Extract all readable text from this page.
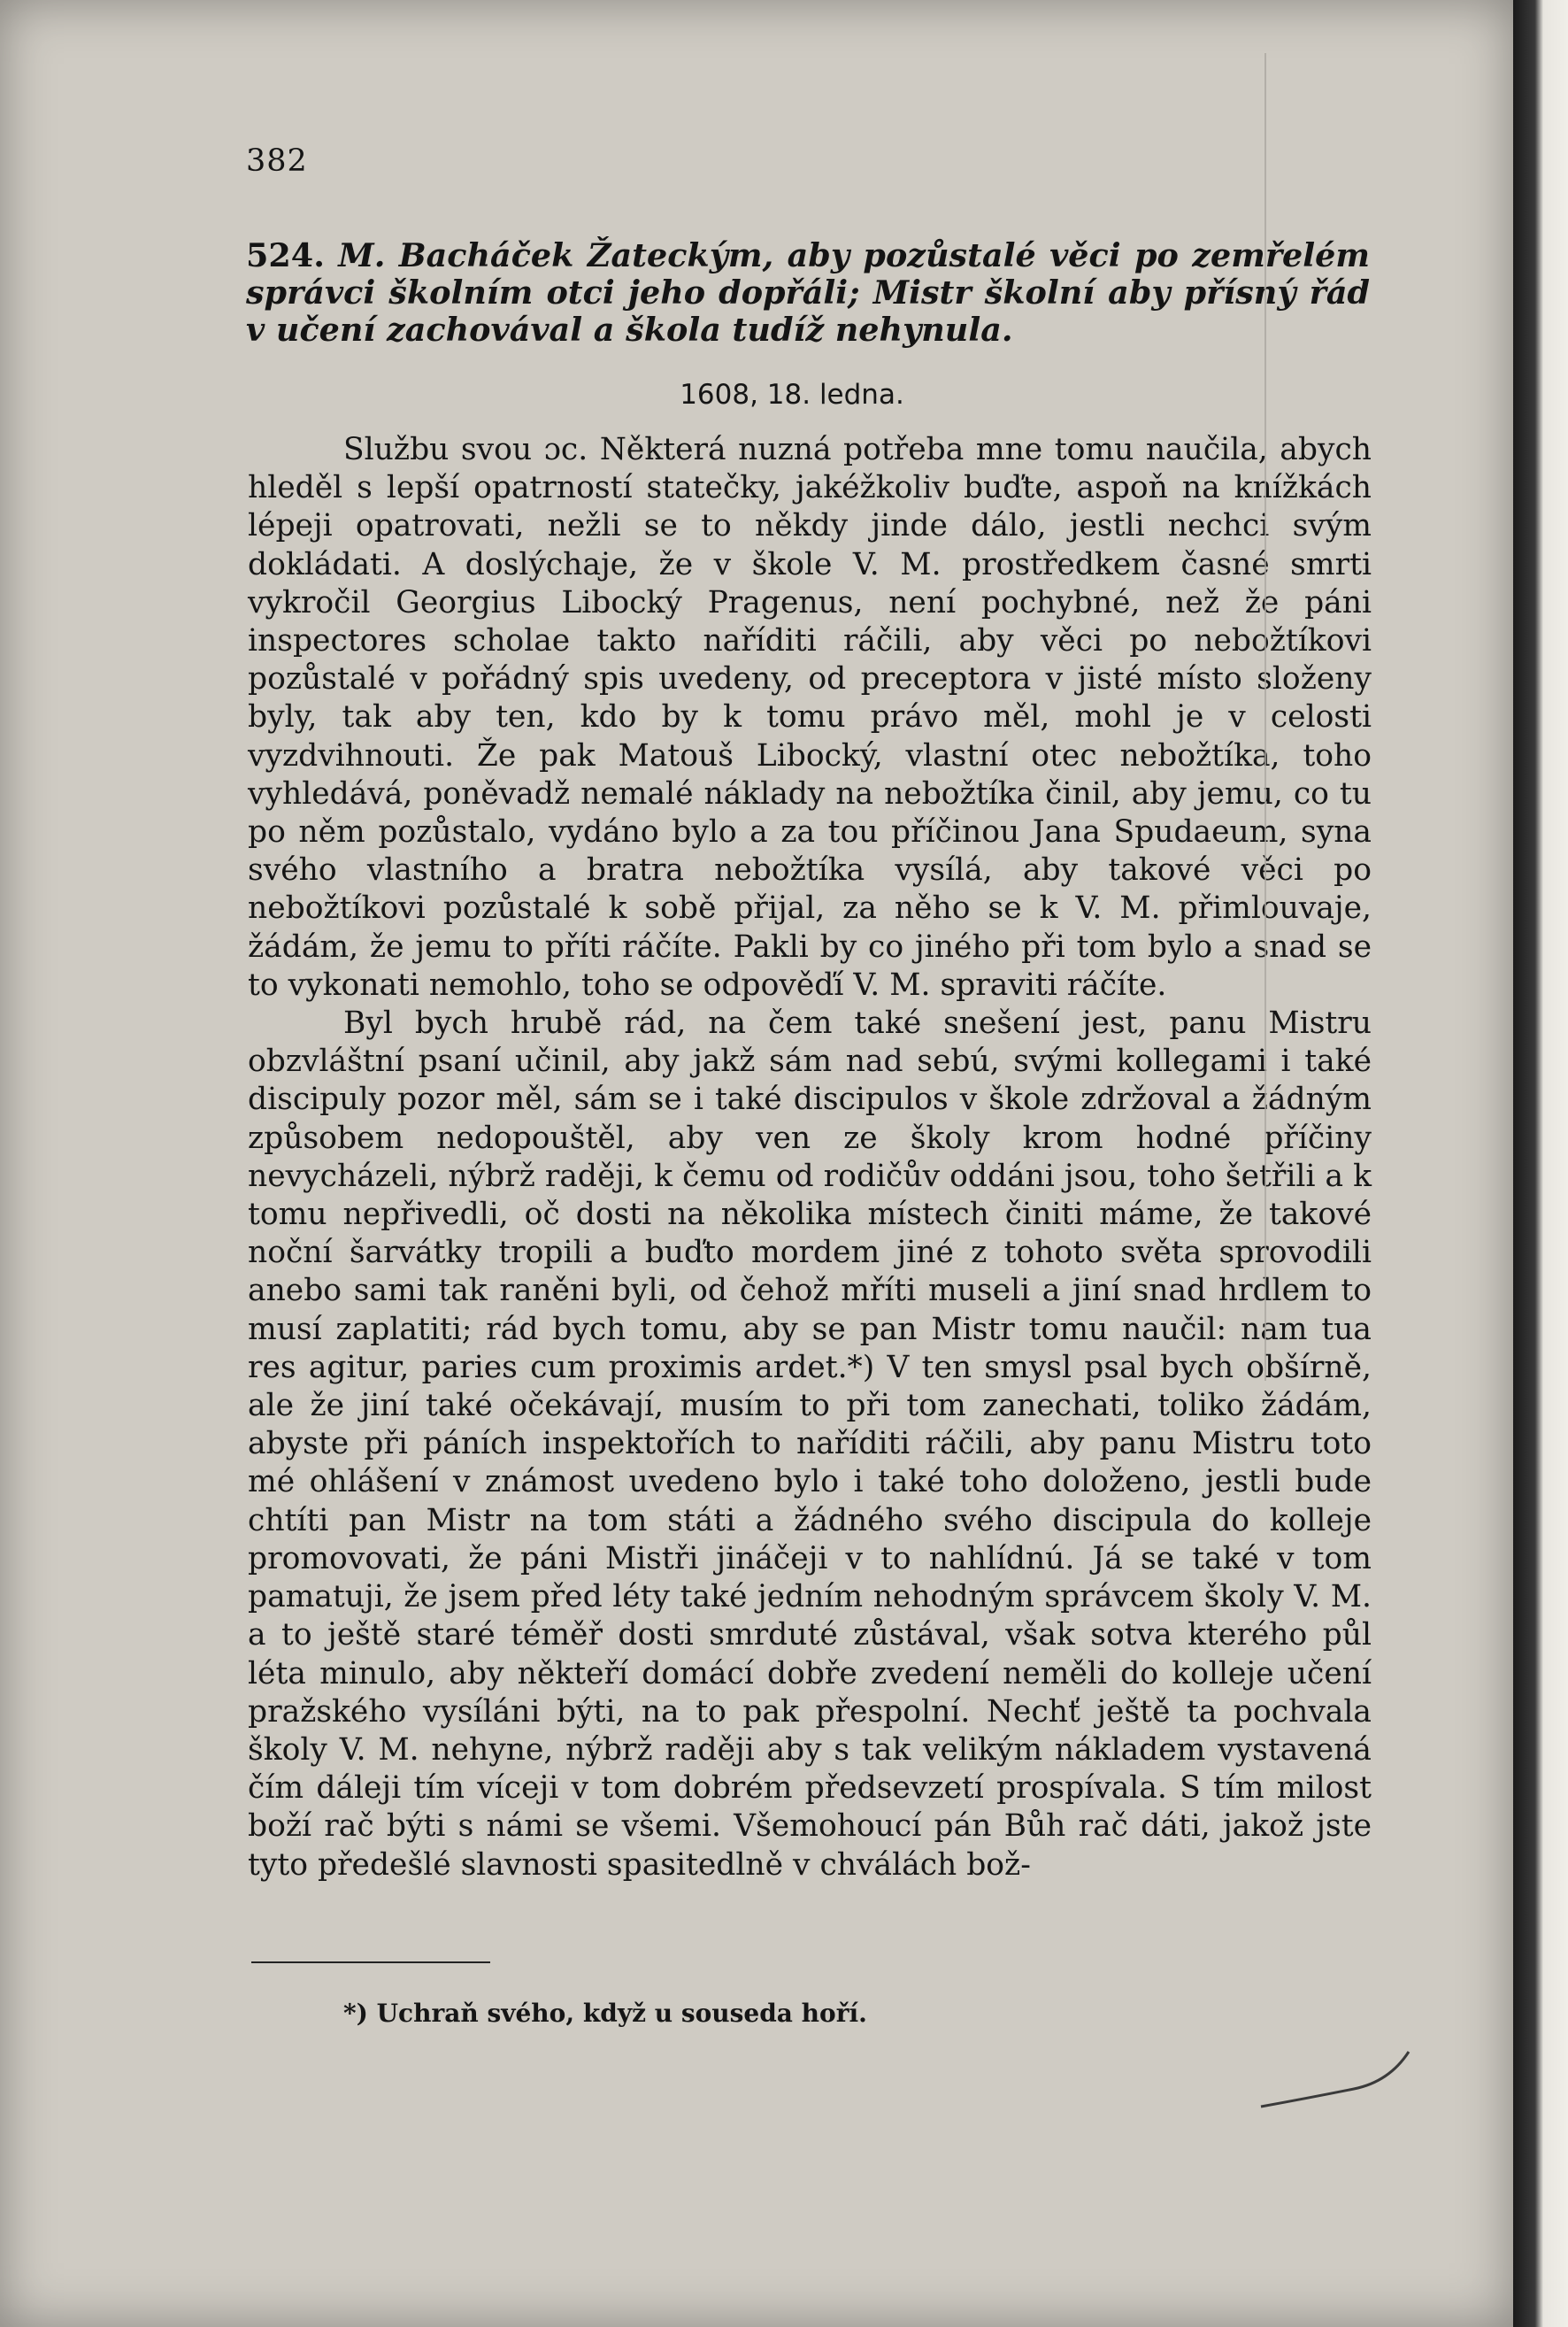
382
524. M. Bacháček Žateckým, aby pozůstalé věci po zemřelém správci školním otci jeho dopřáli; Mistr školní aby přísný řád v učení zachovával a škola tudíž nehynula.
1608, 18. ledna.

Službu svou ɔc. Některá nuzná potřeba mne tomu naučila, abych hleděl s lepší opatrností statečky, jakéžkoliv buďte, aspoň na knížkách lépeji opatrovati, nežli se to někdy jinde dálo, jestli nechci svým dokládati. A doslýchaje, že v škole V. M. prostředkem časné smrti vykročil Georgius Libocký Pragenus, není pochybné, než že páni inspectores scholae takto naříditi ráčili, aby věci po nebožtíkovi pozůstalé v pořádný spis uvedeny, od preceptora v jisté místo složeny byly, tak aby ten, kdo by k tomu právo měl, mohl je v celosti vyzdvihnouti. Že pak Matouš Libocký, vlastní otec nebožtíka, toho vyhledává, poněvadž nemalé náklady na nebožtíka činil, aby jemu, co tu po něm pozůstalo, vydáno bylo a za tou příčinou Jana Spudaeum, syna svého vlastního a bratra nebožtíka vysílá, aby takové věci po nebožtíkovi pozůstalé k sobě přijal, za něho se k V. M. přimlouvaje, žádám, že jemu to příti ráčíte. Pakli by co jiného při tom bylo a snad se to vykonati nemohlo, toho se odpověďí V. M. spraviti ráčíte.

Byl bych hrubě rád, na čem také snešení jest, panu Mistru obzvláštní psaní učinil, aby jakž sám nad sebú, svými kollegami i také discipuly pozor měl, sám se i také discipulos v škole zdržoval a žádným způsobem nedopouštěl, aby ven ze školy krom hodné příčiny nevycházeli, nýbrž raději, k čemu od rodičův oddáni jsou, toho šetřili a k tomu nepřivedli, oč dosti na několika místech činiti máme, že takové noční šarvátky tropili a buďto mordem jiné z tohoto světa sprovodili anebo sami tak raněni byli, od čehož mříti museli a jiní snad hrdlem to musí zaplatiti; rád bych tomu, aby se pan Mistr tomu naučil: nam tua res agitur, paries cum proximis ardet.*) V ten smysl psal bych obšírně, ale že jiní také očekávají, musím to při tom zanechati, toliko žádám, abyste při páních inspektořích to naříditi ráčili, aby panu Mistru toto mé ohlášení v známost uvedeno bylo i také toho doloženo, jestli bude chtíti pan Mistr na tom státi a žádného svého discipula do kolleje promovovati, že páni Mistři jináčeji v to nahlídnú. Já se také v tom pamatuji, že jsem před léty také jedním nehodným správcem školy V. M. a to ještě staré téměř dosti smrduté zůstával, však sotva kterého půl léta minulo, aby někteří domácí dobře zvedení neměli do kolleje učení pražského vysíláni býti, na to pak přespolní. Nechť ještě ta pochvala školy V. M. nehyne, nýbrž raději aby s tak velikým nákladem vystavená čím dáleji tím víceji v tom dobrém předsevzetí prospívala. S tím milost boží rač býti s námi se všemi. Všemohoucí pán Bůh rač dáti, jakož jste tyto předešlé slavnosti spasitedlně v chválách bož-

*) Uchraň svého, když u souseda hoří.
